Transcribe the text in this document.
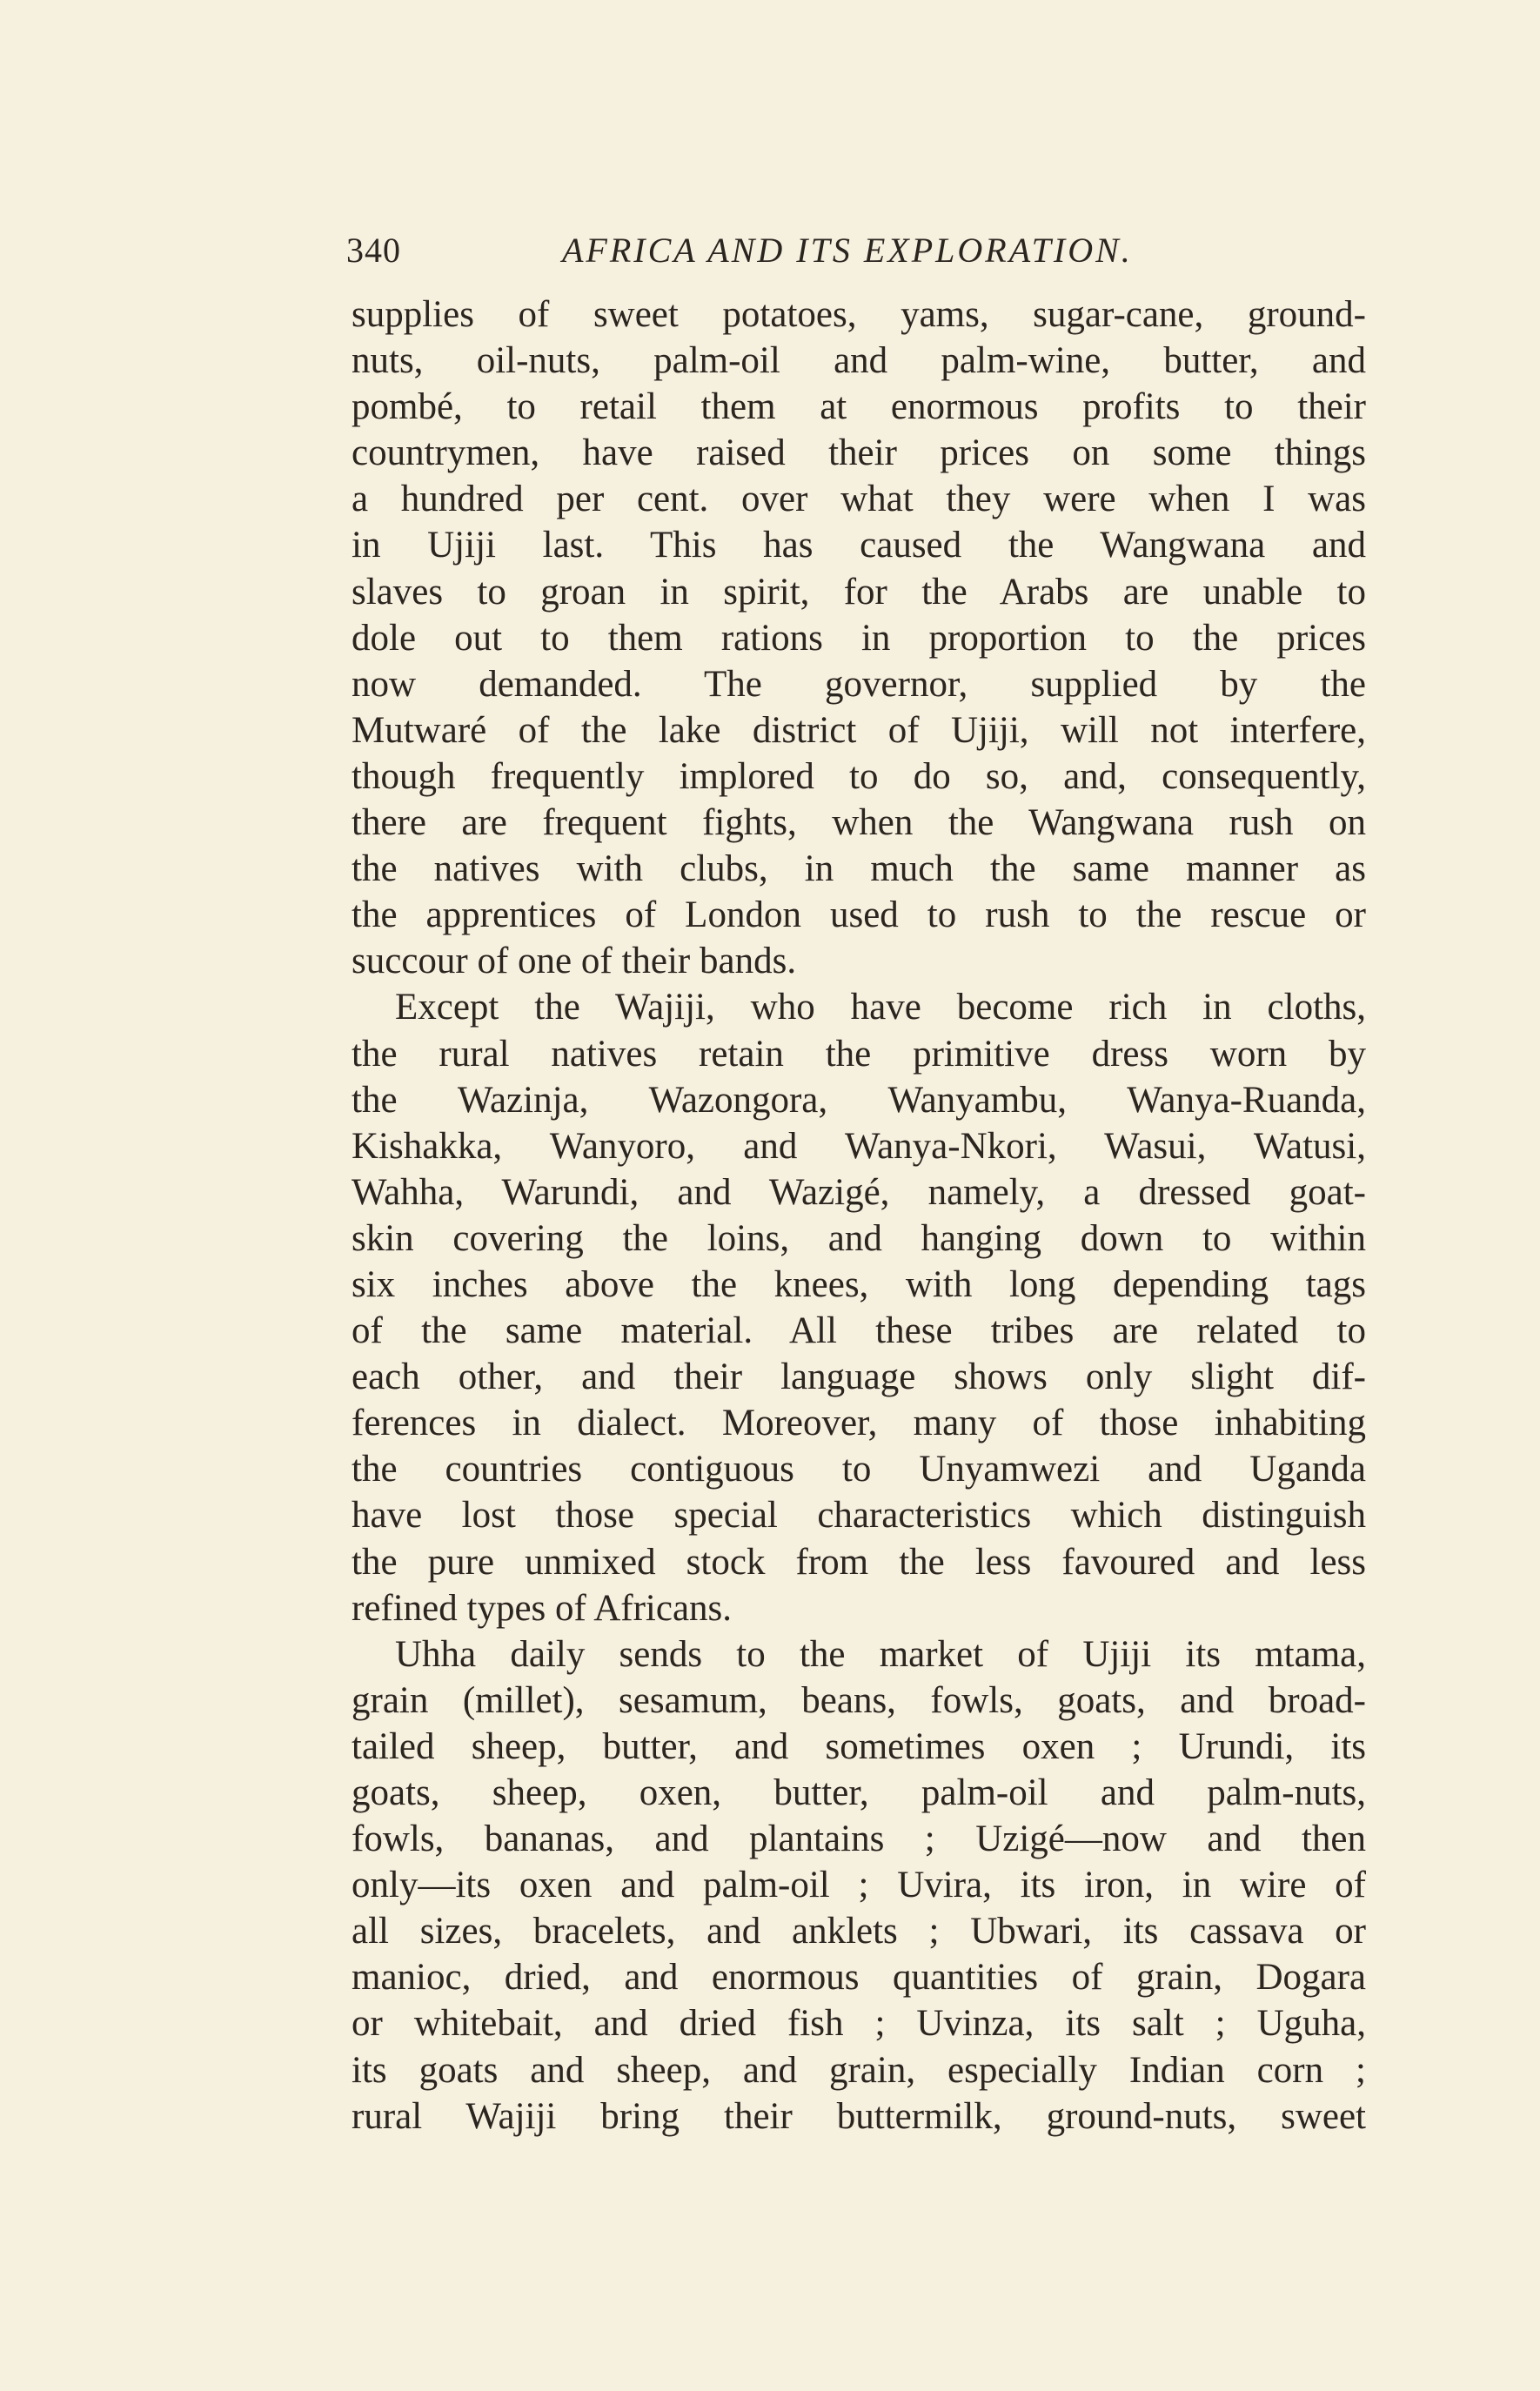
340	AFRICA AND ITS EXPLORATION.
supplies of sweet potatoes, yams, sugar-cane, ground-
nuts, oil-nuts, palm-oil and palm-wine, butter, and
pombé, to retail them at enormous profits to their
countrymen, have raised their prices on some things
a hundred per cent. over what they were when I was
in Ujiji last. This has caused the Wangwana and
slaves to groan in spirit, for the Arabs are unable to
dole out to them rations in proportion to the prices
now demanded. The governor, supplied by the
Mutwaré of the lake district of Ujiji, will not interfere,
though frequently implored to do so, and, consequently,
there are frequent fights, when the Wangwana rush on
the natives with clubs, in much the same manner as
the apprentices of London used to rush to the rescue or
succour of one of their bands.
Except the Wajiji, who have become rich in cloths,
the rural natives retain the primitive dress worn by
the Wazinja, Wazongora, Wanyambu, Wanya-Ruanda,
Kishakka, Wanyoro, and Wanya-Nkori, Wasui, Watusi,
Wahha, Warundi, and Wazigé, namely, a dressed goat-
skin covering the loins, and hanging down to within
six inches above the knees, with long depending tags
of the same material. All these tribes are related to
each other, and their language shows only slight dif-
ferences in dialect. Moreover, many of those inhabiting
the countries contiguous to Unyamwezi and Uganda
have lost those special characteristics which distinguish
the pure unmixed stock from the less favoured and less
refined types of Africans.
Uhha daily sends to the market of Ujiji its mtama,
grain (millet), sesamum, beans, fowls, goats, and broad-
tailed sheep, butter, and sometimes oxen ; Urundi, its
goats, sheep, oxen, butter, palm-oil and palm-nuts,
fowls, bananas, and plantains ; Uzigé—now and then
only—its oxen and palm-oil ; Uvira, its iron, in wire of
all sizes, bracelets, and anklets ; Ubwari, its cassava or
manioc, dried, and enormous quantities of grain, Dogara
or whitebait, and dried fish ; Uvinza, its salt ; Uguha,
its goats and sheep, and grain, especially Indian corn ;
rural Wajiji bring their buttermilk, ground-nuts, sweet
